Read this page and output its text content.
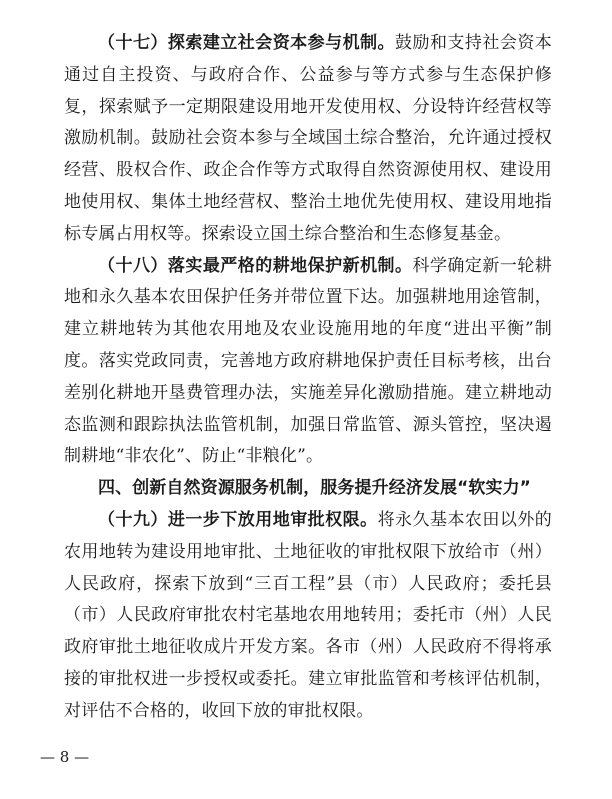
（十七）探索建立社会资本参与机制。鼓励和支持社会资本通过自主投资、与政府合作、公益参与等方式参与生态保护修复，探索赋予一定期限建设用地开发使用权、分设特许经营权等激励机制。鼓励社会资本参与全域国土综合整治，允许通过授权经营、股权合作、政企合作等方式取得自然资源使用权、建设用地使用权、集体土地经营权、整治土地优先使用权、建设用地指标专属占用权等。探索设立国土综合整治和生态修复基金。

（十八）落实最严格的耕地保护新机制。科学确定新一轮耕地和永久基本农田保护任务并带位置下达。加强耕地用途管制，建立耕地转为其他农用地及农业设施用地的年度“进出平衡”制度。落实党政同责，完善地方政府耕地保护责任目标考核，出台差别化耕地开垦费管理办法，实施差异化激励措施。建立耕地动态监测和跟踪执法监管机制，加强日常监管、源头管控，坚决遏制耕地“非农化”、防止“非粮化”。

四、创新自然资源服务机制，服务提升经济发展“软实力”

（十九）进一步下放用地审批权限。将永久基本农田以外的农用地转为建设用地审批、土地征收的审批权限下放给市（州）人民政府，探索下放到“三百工程”县（市）人民政府；委托县（市）人民政府审批农村宅基地农用地转用；委托市（州）人民政府审批土地征收成片开发方案。各市（州）人民政府不得将承接的审批权进一步授权或委托。建立审批监管和考核评估机制，对评估不合格的，收回下放的审批权限。

— 8 —
